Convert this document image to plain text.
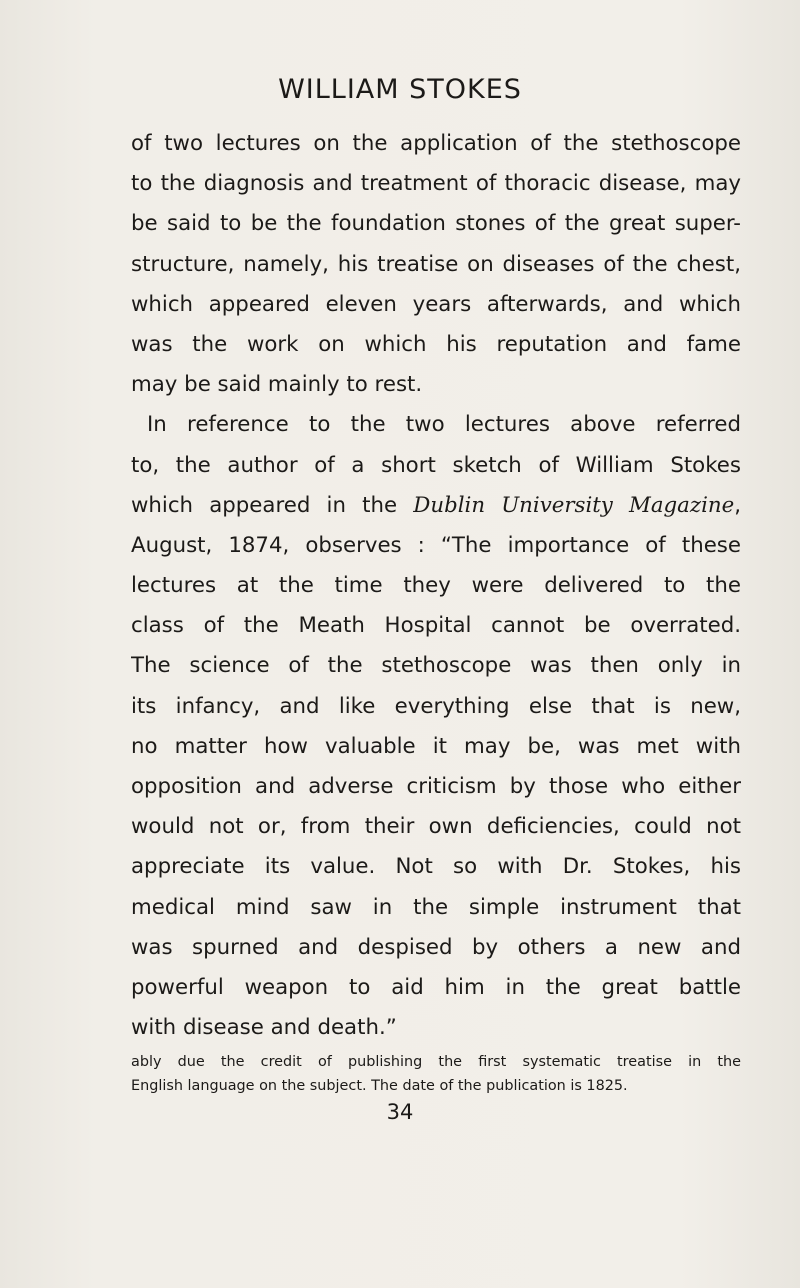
WILLIAM STOKES
of two lectures on the application of the stethoscope
to the diagnosis and treatment of thoracic disease, may
be said to be the foundation stones of the great super-
structure, namely, his treatise on diseases of the chest,
which appeared eleven years afterwards, and which
was the work on which his reputation and fame
may be said mainly to rest.
In reference to the two lectures above referred
to, the author of a short sketch of William Stokes
which appeared in the Dublin University Magazine,
August, 1874, observes : “The importance of these
lectures at the time they were delivered to the
class of the Meath Hospital cannot be overrated.
The science of the stethoscope was then only in
its infancy, and like everything else that is new,
no matter how valuable it may be, was met with
opposition and adverse criticism by those who either
would not or, from their own deficiencies, could not
appreciate its value. Not so with Dr. Stokes, his
medical mind saw in the simple instrument that
was spurned and despised by others a new and
powerful weapon to aid him in the great battle
with disease and death.”
ably due the credit of publishing the first systematic treatise in the
English language on the subject. The date of the publication is 1825.
34
